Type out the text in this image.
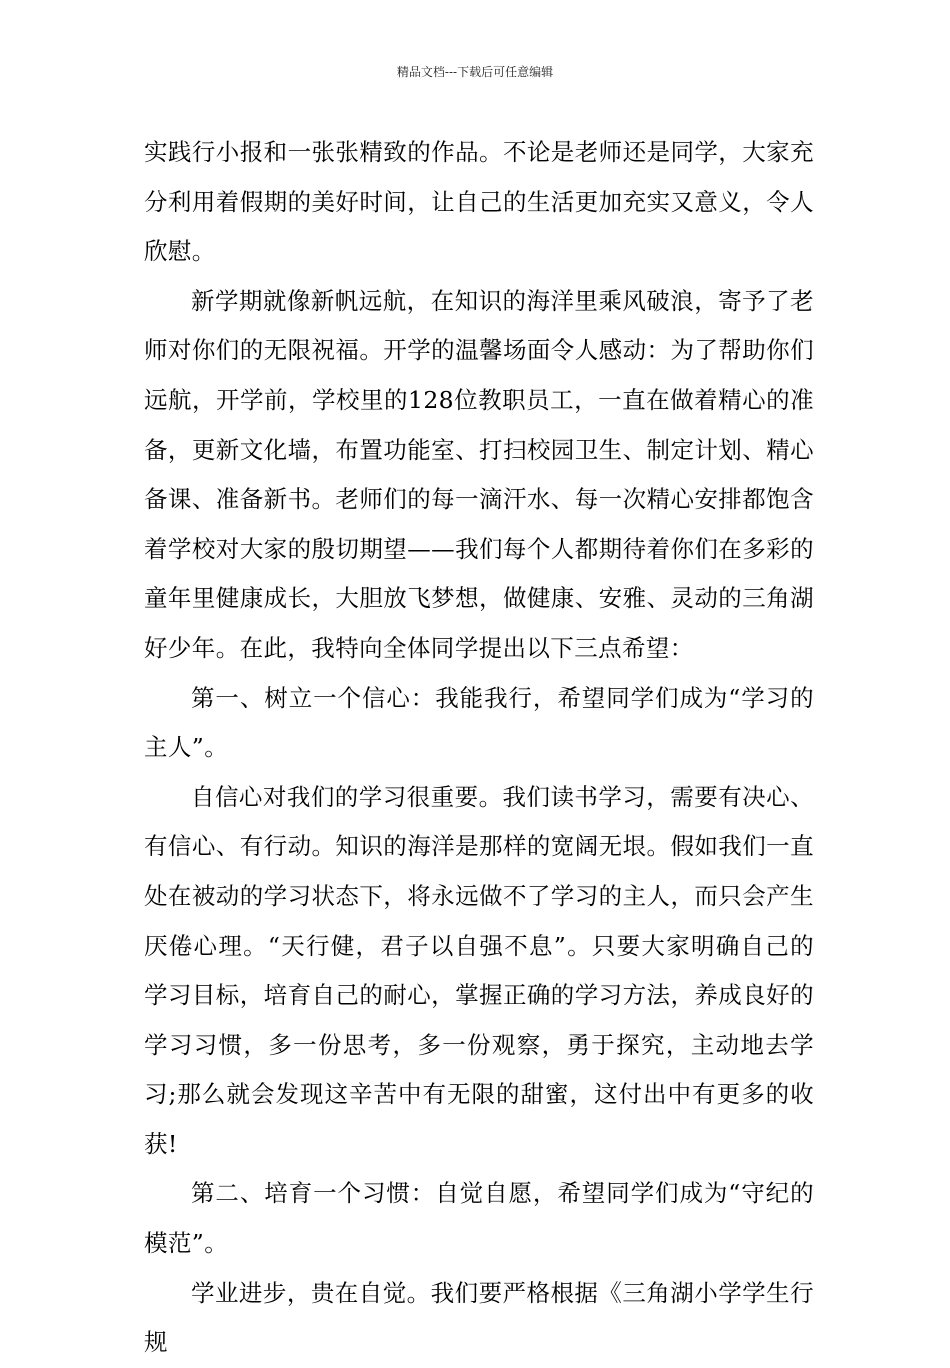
精品文档---下载后可任意编辑

实践行小报和一张张精致的作品。不论是老师还是同学，大家充分利用着假期的美好时间，让自己的生活更加充实又意义，令人欣慰。

新学期就像新帆远航，在知识的海洋里乘风破浪，寄予了老师对你们的无限祝福。开学的温馨场面令人感动：为了帮助你们远航，开学前，学校里的128位教职员工，一直在做着精心的准备，更新文化墙，布置功能室、打扫校园卫生、制定计划、精心备课、准备新书。老师们的每一滴汗水、每一次精心安排都饱含着学校对大家的殷切期望——我们每个人都期待着你们在多彩的童年里健康成长，大胆放飞梦想，做健康、安雅、灵动的三角湖好少年。在此，我特向全体同学提出以下三点希望：

第一、树立一个信心：我能我行，希望同学们成为“学习的主人”。

自信心对我们的学习很重要。我们读书学习，需要有决心、有信心、有行动。知识的海洋是那样的宽阔无垠。假如我们一直处在被动的学习状态下，将永远做不了学习的主人，而只会产生厌倦心理。“天行健，君子以自强不息”。只要大家明确自己的学习目标，培育自己的耐心，掌握正确的学习方法，养成良好的学习习惯，多一份思考，多一份观察，勇于探究，主动地去学习;那么就会发现这辛苦中有无限的甜蜜，这付出中有更多的收获!

第二、培育一个习惯：自觉自愿，希望同学们成为“守纪的模范”。

学业进步，贵在自觉。我们要严格根据《三角湖小学学生行规
